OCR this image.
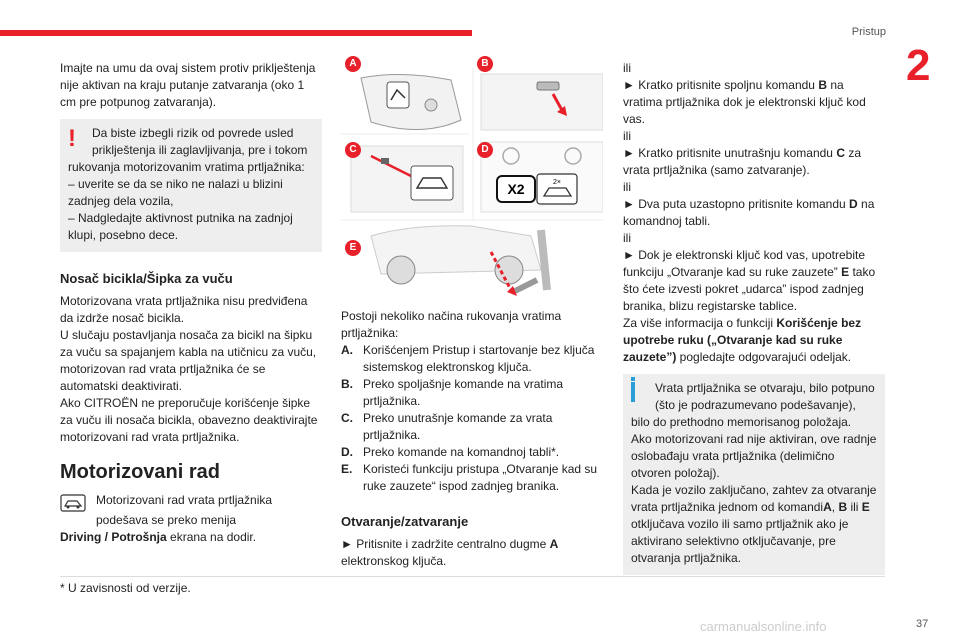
Pristup
2

Imajte na umu da ovaj sistem protiv priklještenja nije aktivan na kraju putanje zatvaranja (oko 1 cm pre potpunog zatvaranja).

!	Da biste izbegli rizik od povrede usled

priklještenja ili zaglavljivanja, pre i tokom

rukovanja motorizovanim vratima prtljažnika:

– uverite se da se niko ne nalazi u blizini zadnjeg dela vozila,

– Nadgledajte aktivnost putnika na zadnjoj klupi, posebno dece.

Nosač bicikla/Šipka za vuču

Motorizovana vrata prtljažnika nisu predviđena da izdrže nosač bicikla.

U slučaju postavljanja nosača za bicikl na šipku za vuču sa spajanjem kabla na utičnicu za vuču, motorizovan rad vrata prtljažnika će se automatski deaktivirati.

Ako CITROËN ne preporučuje korišćenje šipke za vuču ili nosača bicikla, obavezno deaktivirajte motorizovani rad vrata prtljažnika.

Motorizovani rad

Motorizovani rad vrata prtljažnika

podešava se preko menija

Driving / Potrošnja ekrana na dodir.

X2	2×
A	B
C	D
E

Postoji nekoliko načina rukovanja vratima prtljažnika:

A. Korišćenjem Pristup i startovanje bez ključa sistemskog elektronskog ključa.
B. Preko spoljašnje komande na vratima prtljažnika.
C. Preko unutrašnje komande za vrata prtljažnika.
D. Preko komande na komandnoj tabli*.
E. Koristeći funkciju pristupa „Otvaranje kad su ruke zauzete“ ispod zadnjeg branika.
Otvaranje/zatvaranje

► Pritisnite i zadržite centralno dugme A elektronskog ključa.

ili

► Kratko pritisnite spoljnu komandu B na vratima prtljažnika dok je elektronski ključ kod vas.

ili

► Kratko pritisnite unutrašnju komandu C za vrata prtljažnika (samo zatvaranje).

ili

► Dva puta uzastopno pritisnite komandu D na komandnoj tabli.

ili

► Dok je elektronski ključ kod vas, upotrebite funkciju „Otvaranje kad su ruke zauzete” E tako što ćete izvesti pokret „udarca” ispod zadnjeg branika, blizu registarske tablice.

Za više informacija o funkciji Korišćenje bez upotrebe ruku („Otvaranje kad su ruke zauzete”) pogledajte odgovarajući odeljak.

Vrata prtljažnika se otvaraju, bilo potpuno

(što je podrazumevano podešavanje),

bilo do prethodno memorisanog položaja.

Ako motorizovani rad nije aktiviran, ove radnje oslobađaju vrata prtljažnika (delimično otvoren položaj).

Kada je vozilo zaključano, zahtev za otvaranje vrata prtljažnika jednom od komandiA, B ili E otključava vozilo ili samo prtljažnik ako je aktivirano selektivno otključavanje, pre otvaranja prtljažnika.

* U zavisnosti od verzije.
carmanualsonline.info	37
